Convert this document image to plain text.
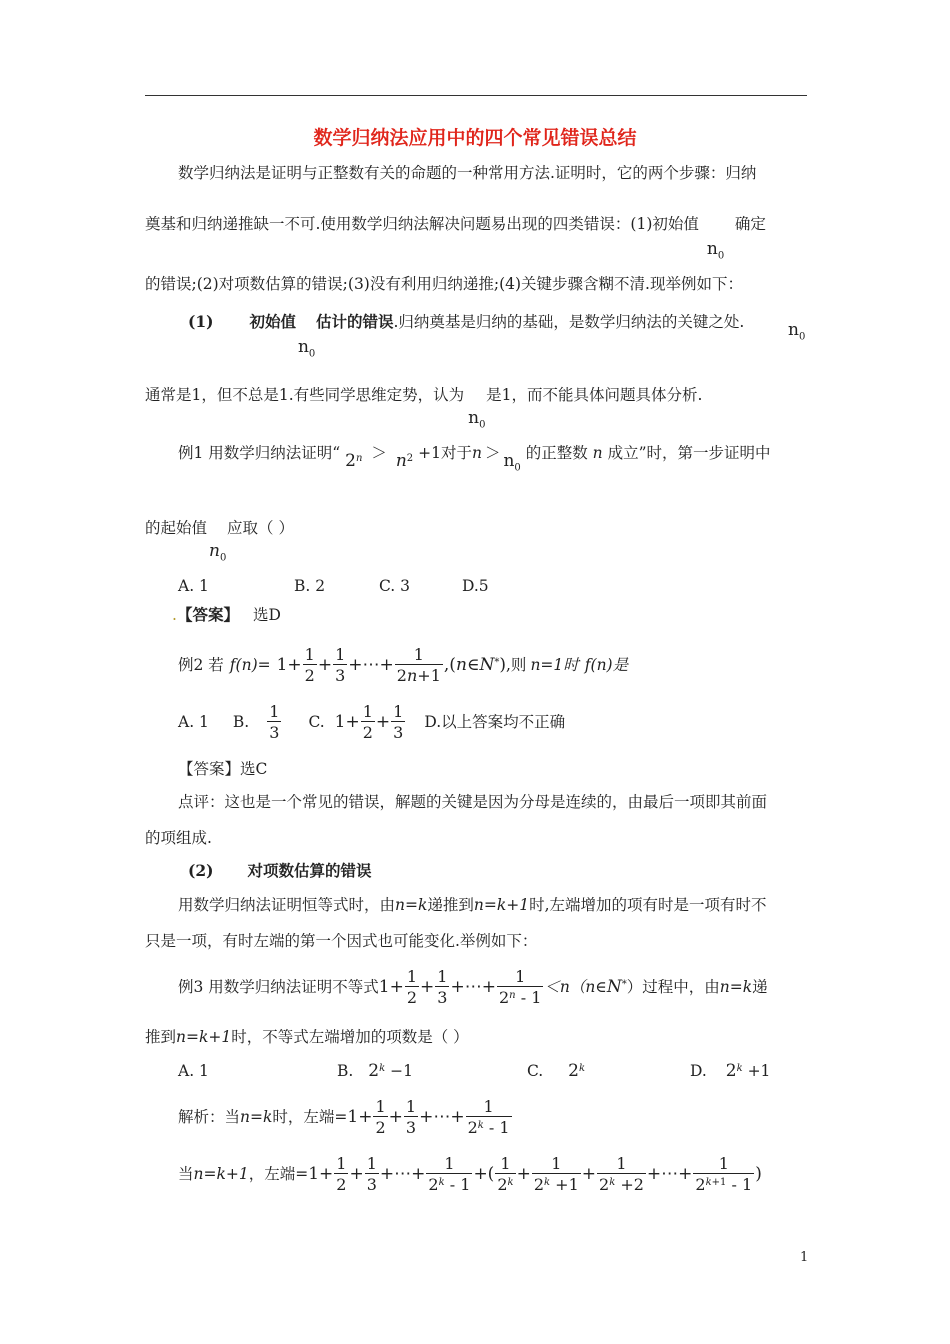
数学归纳法应用中的四个常见错误总结
数学归纳法是证明与正整数有关的命题的一种常用方法.证明时，它的两个步骤：归纳
奠基和归纳递推缺一不可.使用数学归纳法解决问题易出现的四类错误：(1)初始值
$n_0$
确定
的错误;(2)对项数估算的错误;(3)没有利用归纳递推;(4)关键步骤含糊不清.现举例如下：
(1) 初始值
$n_0$
估计的错误.归纳奠基是归纳的基础，是数学归纳法的关键之处.	$n_0$
通常是1，但不总是1.有些同学思维定势，认为
$n_0$
是1，而不能具体问题具体分析.
例1 用数学归纳法证明“ $2^n > n^2 +1$对于$n > n_0$ 的正整数 n 成立”时，第一步证明中
的起始值
$n_0$
应取（ ）
A. 1	B. 2	C. 3	D.5
.【答案】 选D
例2 若 $f(n)= 1+ \frac{1}{2} + \frac{1}{3}$ +⋯+ $\frac{1}{2n+1}$ ,(n∈N*) ,则 n=1时 f(n)是
A. 1 B. $\frac{1}{3} C$. $1+ \frac{1}{2} + \frac{1}{3} D$.以上答案均不正确
【答案】选C
点评：这也是一个常见的错误，解题的关键是因为分母是连续的，由最后一项即其前面
的项组成.
(2) 对项数估算的错误
用数学归纳法证明恒等式时，由n=k递推到n=k+1时,左端增加的项有时是一项有时不
只是一项，有时左端的第一个因式也可能变化.举例如下：
例3 用数学归纳法证明不等式 $1+ \frac{1}{2} + \frac{1}{3}$ +⋯+ $\frac{1}{2^n - 1}$ ＜n（n∈ N* ）过程中，由 n=k 递
推到n=k+1时，不等式左端增加的项数是（ ）
A. 1	B. $2^k -1$	C. 2$^k$	D. $2^k +1$
解析：当 n=k 时，左端= $1+ \frac{1}{2} + \frac{1}{3}$ +⋯+ $\frac{1}{2^k - 1}$
当 n=k+1 ，左端= $1+ \frac{1}{2} + \frac{1}{3}$ +⋯+ $\frac{1}{2^k - 1}$ +( $\frac{1}{2^k} + \frac{1}{2^k +1} + \frac{1}{2^k +2}$ +⋯+ $\frac{1}{2^{k+1} - 1}$ )
1
